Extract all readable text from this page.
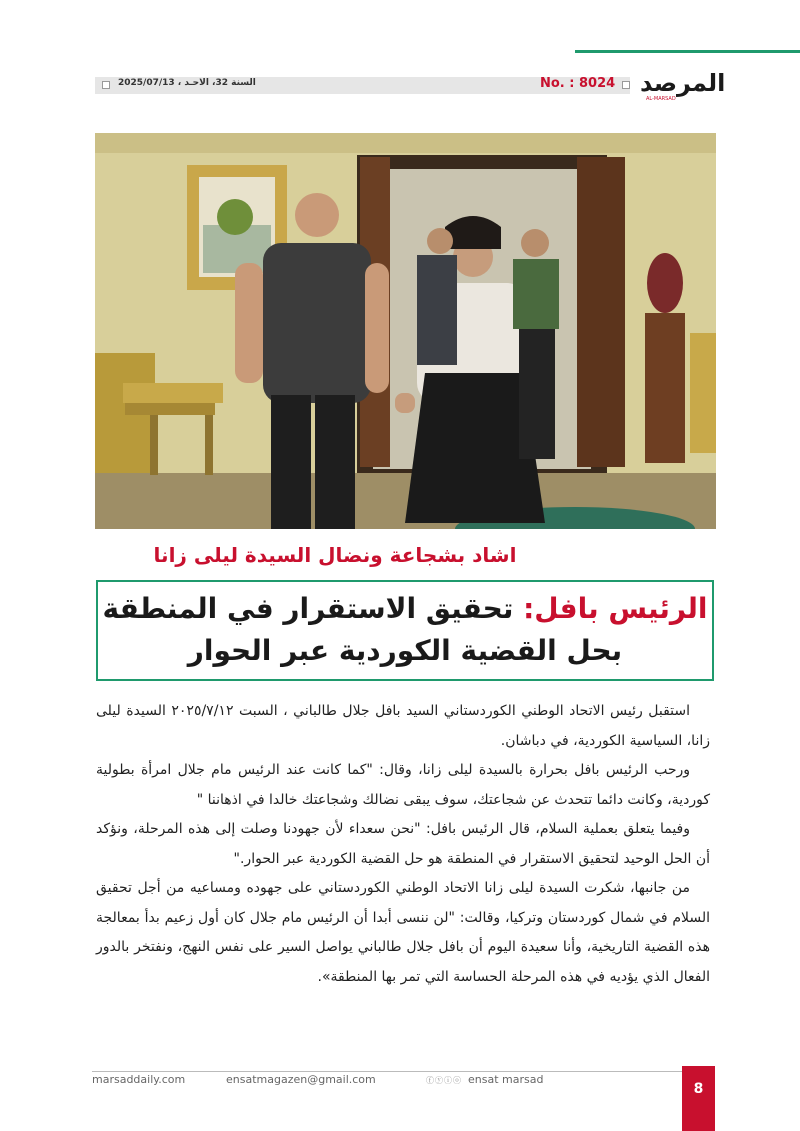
No. : 8024
السنة 32، الاحـد ، 2025/07/13	المرصد
AL-MARSAD
اشاد بشجاعة ونضال السيدة ليلى زانا
الرئيس بافل: تحقيق الاستقرار في المنطقة
بحل القضية الكوردية عبر الحوار

استقبل رئيس الاتحاد الوطني الكوردستاني السيد بافل جلال طالباني ، السبت ٢٠٢٥/٧/١٢ السيدة ليلى زانا، السياسية الكوردية، في دباشان.

ورحب الرئيس بافل بحرارة بالسيدة ليلى زانا، وقال: "كما كانت عند الرئيس مام جلال امرأة بطولية كوردية، وكانت دائما تتحدث عن شجاعتك، سوف يبقى نضالك وشجاعتك خالدا في اذهاننا "

وفيما يتعلق بعملية السلام، قال الرئيس بافل: "نحن سعداء لأن جهودنا وصلت إلى هذه المرحلة، ونؤكد أن الحل الوحيد لتحقيق الاستقرار في المنطقة هو حل القضية الكوردية عبر الحوار."

من جانبها، شكرت السيدة ليلى زانا الاتحاد الوطني الكوردستاني على جهوده ومساعيه من أجل تحقيق السلام في شمال كوردستان وتركيا، وقالت: "لن ننسى أبدا أن الرئيس مام جلال كان أول زعيم بدأ بمعالجة هذه القضية التاريخية، وأنا سعيدة اليوم أن بافل جلال طالباني يواصل السير على نفس النهج، ونفتخر بالدور الفعال الذي يؤديه في هذه المرحلة الحساسة التي تمر بها المنطقة».

marsaddaily.com	ensatmagazen@gmail.com	ⓕⓨⓘⓞ ensat marsad
8
